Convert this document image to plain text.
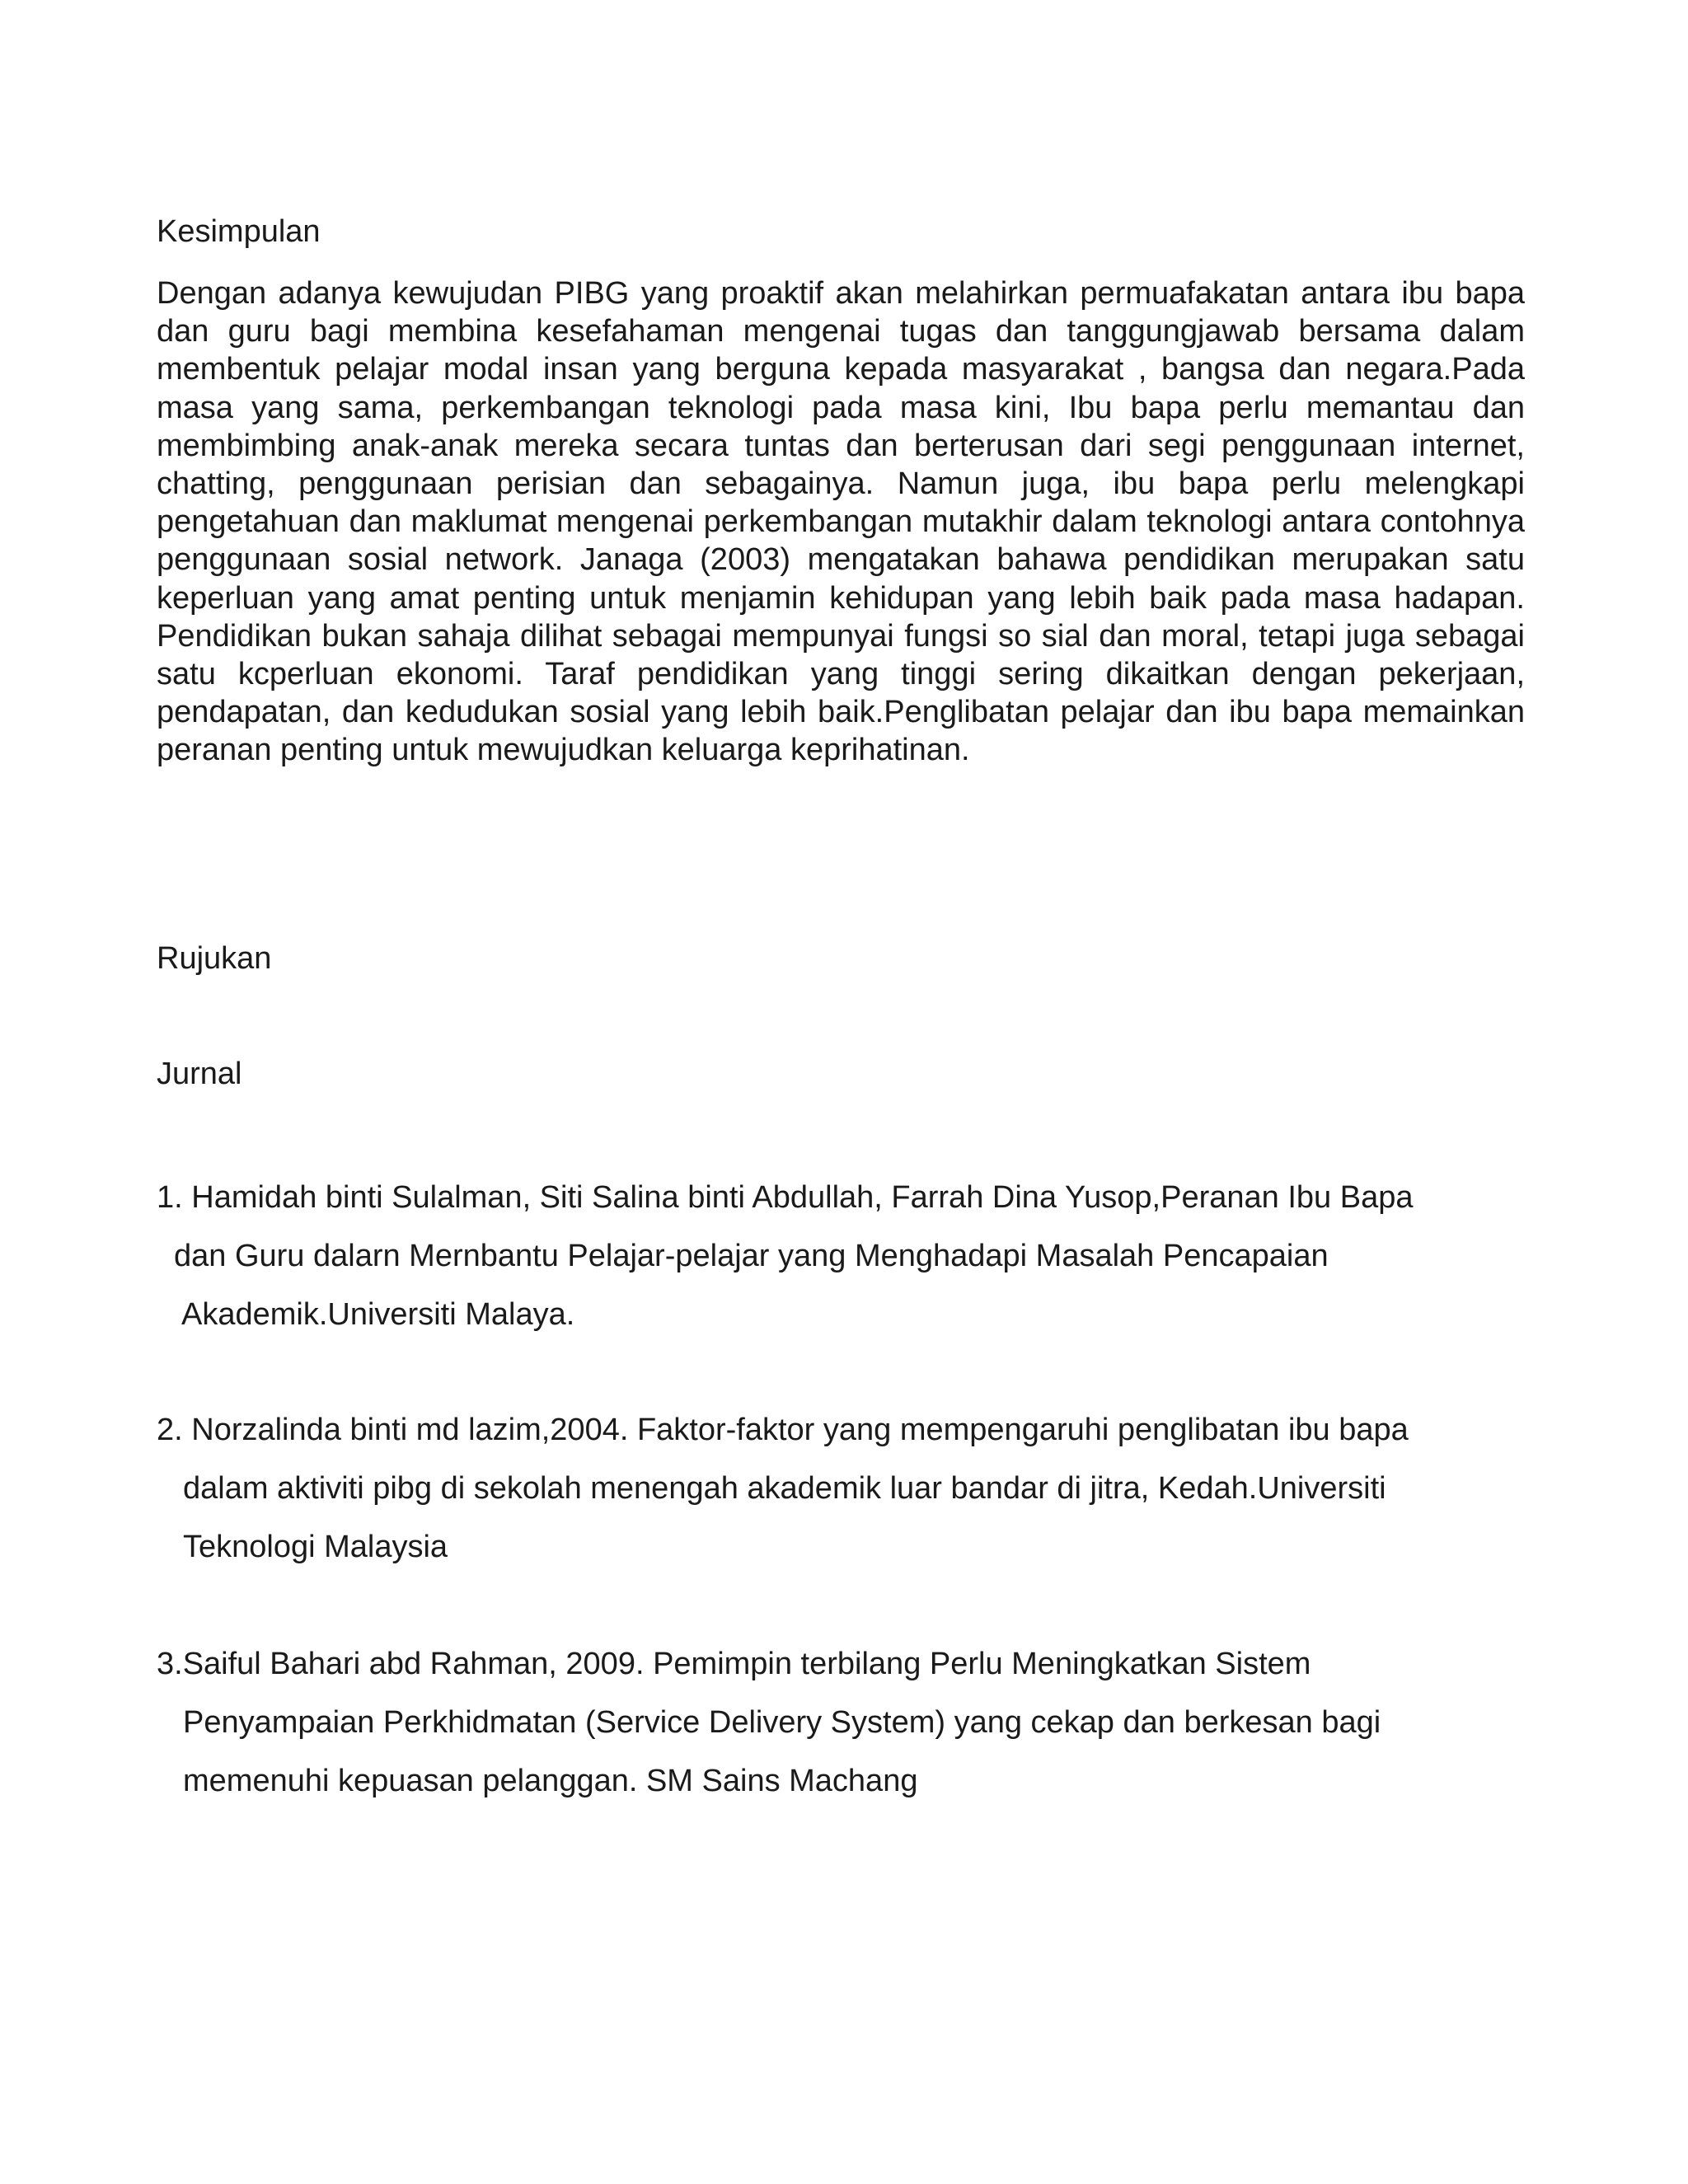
Kesimpulan

Dengan adanya kewujudan PIBG yang proaktif akan melahirkan permuafakatan antara ibu bapa dan guru bagi membina kesefahaman mengenai tugas dan tanggungjawab bersama dalam membentuk pelajar modal insan yang berguna kepada masyarakat , bangsa dan negara.Pada masa yang sama, perkembangan teknologi pada masa kini, Ibu bapa perlu memantau dan membimbing anak-anak mereka secara tuntas dan berterusan dari segi penggunaan internet, chatting, penggunaan perisian dan sebagainya. Namun juga, ibu bapa perlu melengkapi pengetahuan dan maklumat mengenai perkembangan mutakhir dalam teknologi antara contohnya penggunaan sosial network. Janaga (2003) mengatakan bahawa pendidikan merupakan satu keperluan yang amat penting untuk menjamin kehidupan yang lebih baik pada masa hadapan. Pendidikan bukan sahaja dilihat sebagai mempunyai fungsi so sial dan moral, tetapi juga sebagai satu kcperluan ekonomi. Taraf pendidikan yang tinggi sering dikaitkan dengan pekerjaan, pendapatan, dan kedudukan sosial yang lebih baik.Penglibatan pelajar dan ibu bapa memainkan peranan penting untuk mewujudkan keluarga keprihatinan.

Rujukan
Jurnal
1. Hamidah binti Sulalman, Siti Salina binti Abdullah, Farrah Dina Yusop,Peranan Ibu Bapa
dan Guru dalarn Mernbantu Pelajar-pelajar yang Menghadapi Masalah Pencapaian
Akademik.Universiti Malaya.
2. Norzalinda binti md lazim,2004. Faktor-faktor yang mempengaruhi penglibatan ibu bapa
dalam aktiviti pibg di sekolah menengah akademik luar bandar di jitra, Kedah.Universiti
Teknologi Malaysia
3.Saiful Bahari abd Rahman, 2009. Pemimpin terbilang Perlu Meningkatkan Sistem
Penyampaian Perkhidmatan (Service Delivery System) yang cekap dan berkesan bagi
memenuhi kepuasan pelanggan. SM Sains Machang
